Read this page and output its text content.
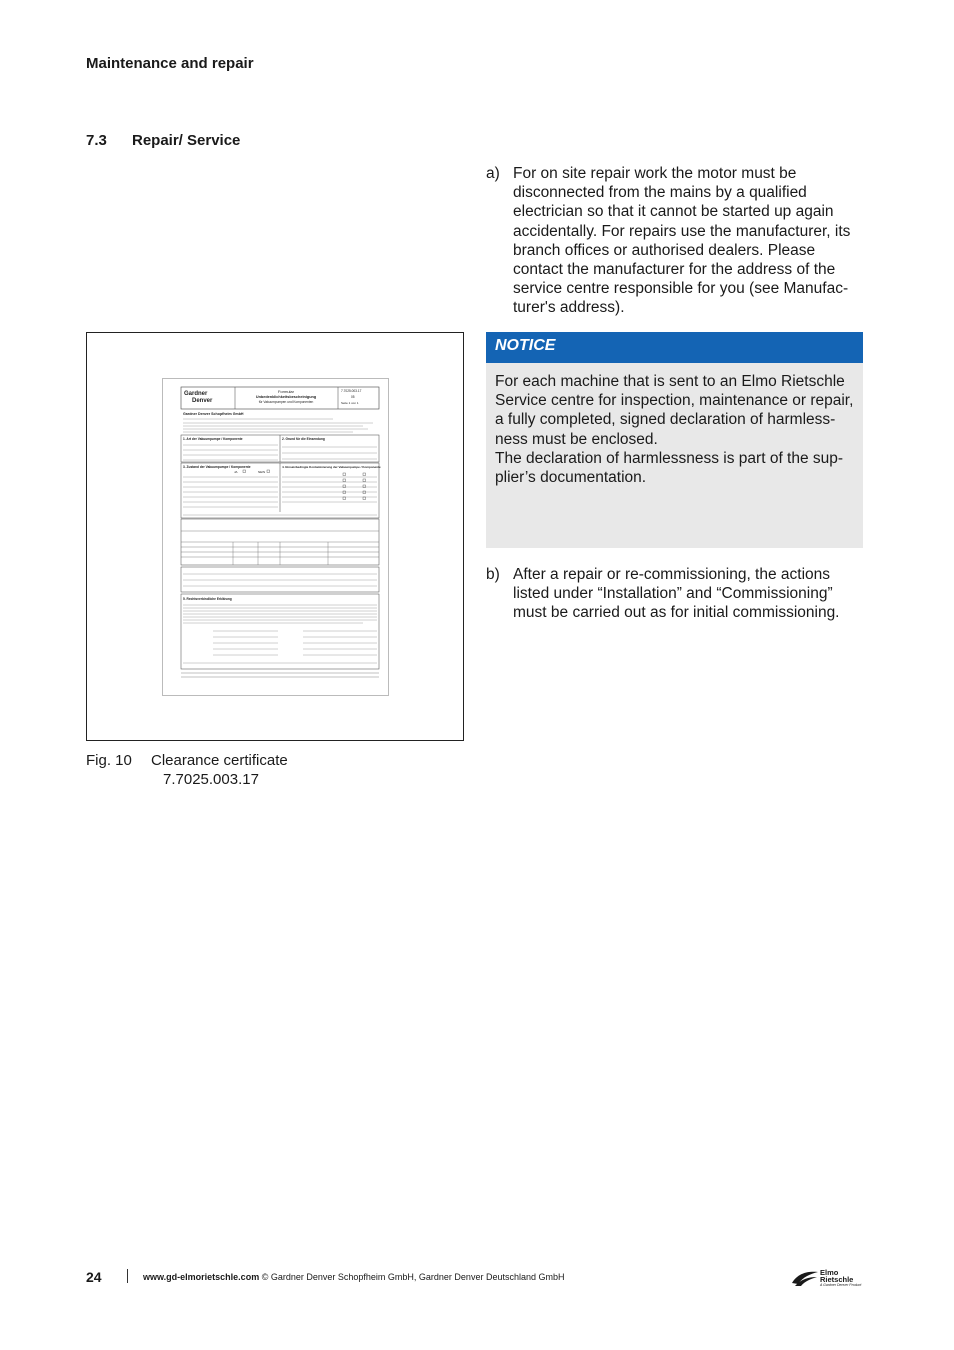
Maintenance and repair
7.3 Repair/ Service
a) For on site repair work the motor must be disconnected from the mains by a qualified electrician so that it cannot be started up again accidentally. For repairs use the manufacturer, its branch offices or authorised dealers. Please contact the manufacturer for the address of the service centre responsible for you (see Manufac-turer's address).
NOTICE

For each machine that is sent to an Elmo Rietschle Service centre for inspection, maintenance or repair, a fully completed, signed declaration of harmless-ness must be enclosed.

The declaration of harmlessness is part of the sup-plier’s documentation.

b) After a repair or re-commissioning, the actions listed under “Installation” and “Commissioning” must be carried out as for initial commissioning.
Gardner
Denver
Formular
Unbedenklichkeitsbescheinigung
für Vakuumpumpen und Komponenten
7.7025.003.17
05
Seite 1 von 1
Gardner Denver Schopfheim GmbH
1. Art der Vakuumpumpe / Komponente	2. Grund für die Einsendung
3. Zustand der Vakuumpumpe / Komponente	4. Einsatzbedingte Kontaminierung der Vakuumpumpe / Komponente
JA	NEIN
5. Rechtsverbindliche Erklärung
Fig. 10 Clearance certificate
7.7025.003.17
24	www.gd-elmorietschle.com © Gardner Denver Schopfheim GmbH, Gardner Denver Deutschland GmbH	Elmo
Rietschle
A Gardner Denver Product
